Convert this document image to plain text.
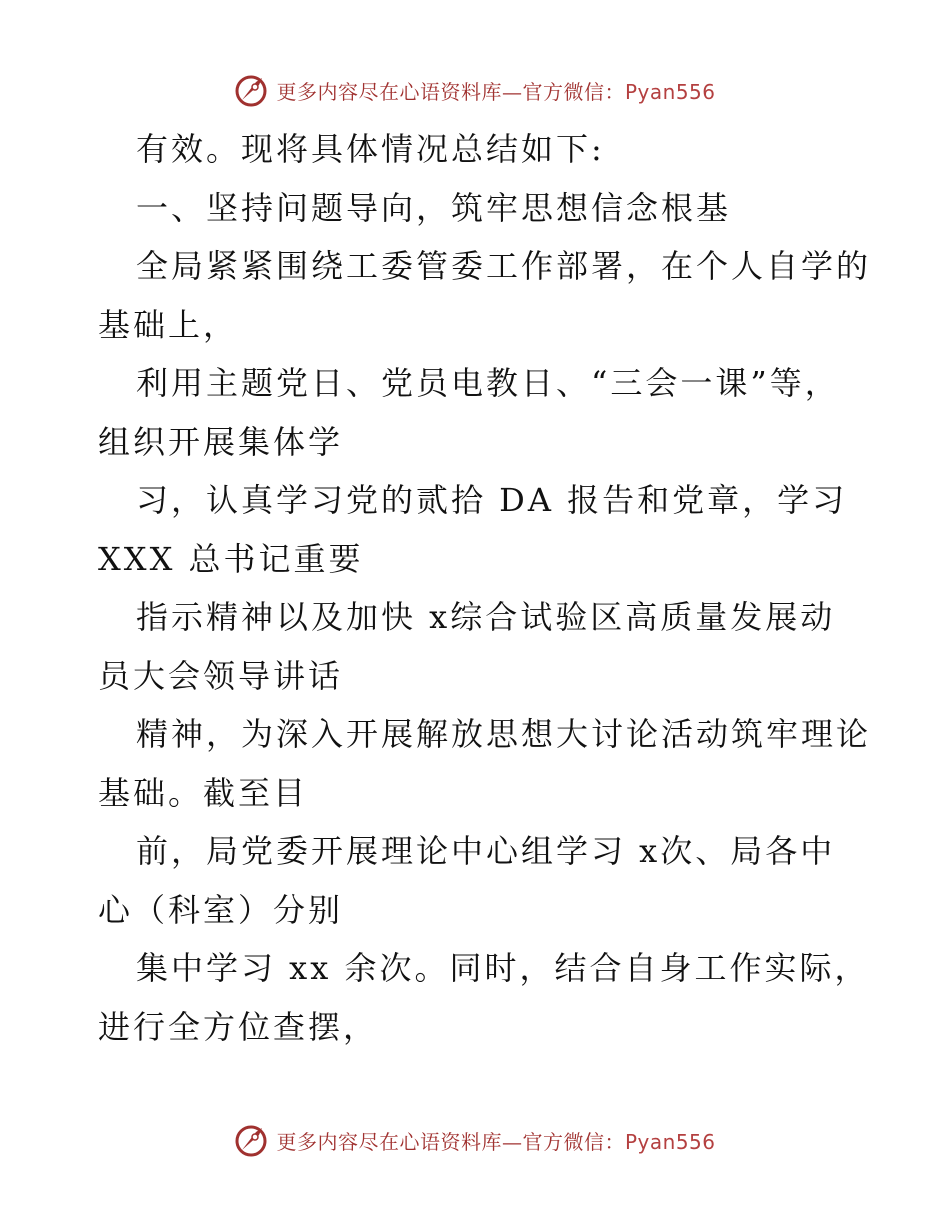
更多内容尽在心语资料库—官方微信：Pyan556

有效。现将具体情况总结如下:

一、坚持问题导向，筑牢思想信念根基

全局紧紧围绕工委管委工作部署，在个人自学的

基础上，

利用主题党日、党员电教日、“三会一课”等，

组织开展集体学

习，认真学习党的贰拾 DA 报告和党章，学习

XXX 总书记重要

指示精神以及加快 x综合试验区高质量发展动

员大会领导讲话

精神，为深入开展解放思想大讨论活动筑牢理论

基础。截至目

前，局党委开展理论中心组学习 x次、局各中

心（科室）分别

集中学习 xx 余次。同时，结合自身工作实际，

进行全方位查摆，

更多内容尽在心语资料库—官方微信：Pyan556
